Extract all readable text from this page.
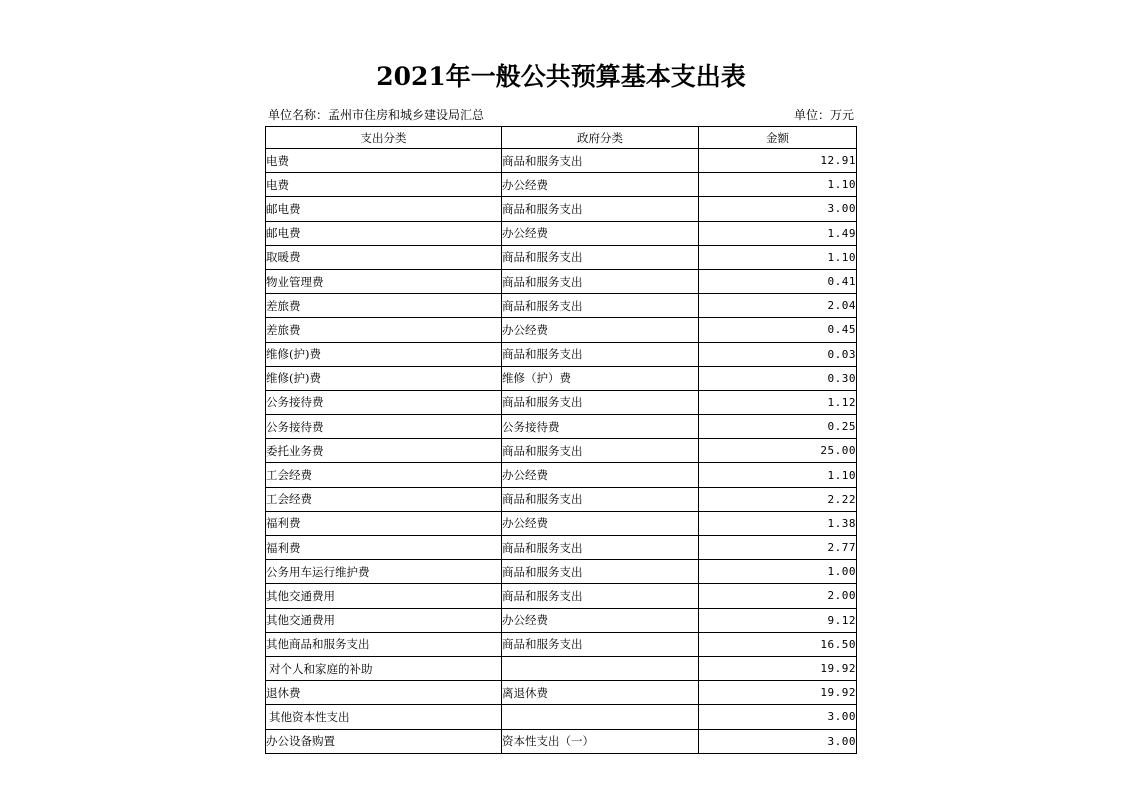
2021年一般公共预算基本支出表
单位名称：孟州市住房和城乡建设局汇总	单位：万元
支出分类	政府分类	金额
电费	商品和服务支出	12.91
电费	办公经费	1.10
邮电费	商品和服务支出	3.00
邮电费	办公经费	1.49
取暖费	商品和服务支出	1.10
物业管理费	商品和服务支出	0.41
差旅费	商品和服务支出	2.04
差旅费	办公经费	0.45
维修(护)费	商品和服务支出	0.03
维修(护)费	维修（护）费	0.30
公务接待费	商品和服务支出	1.12
公务接待费	公务接待费	0.25
委托业务费	商品和服务支出	25.00
工会经费	办公经费	1.10
工会经费	商品和服务支出	2.22
福利费	办公经费	1.38
福利费	商品和服务支出	2.77
公务用车运行维护费	商品和服务支出	1.00
其他交通费用	商品和服务支出	2.00
其他交通费用	办公经费	9.12
其他商品和服务支出	商品和服务支出	16.50
对个人和家庭的补助		19.92
退休费	离退休费	19.92
其他资本性支出		3.00
办公设备购置	资本性支出（一）	3.00
